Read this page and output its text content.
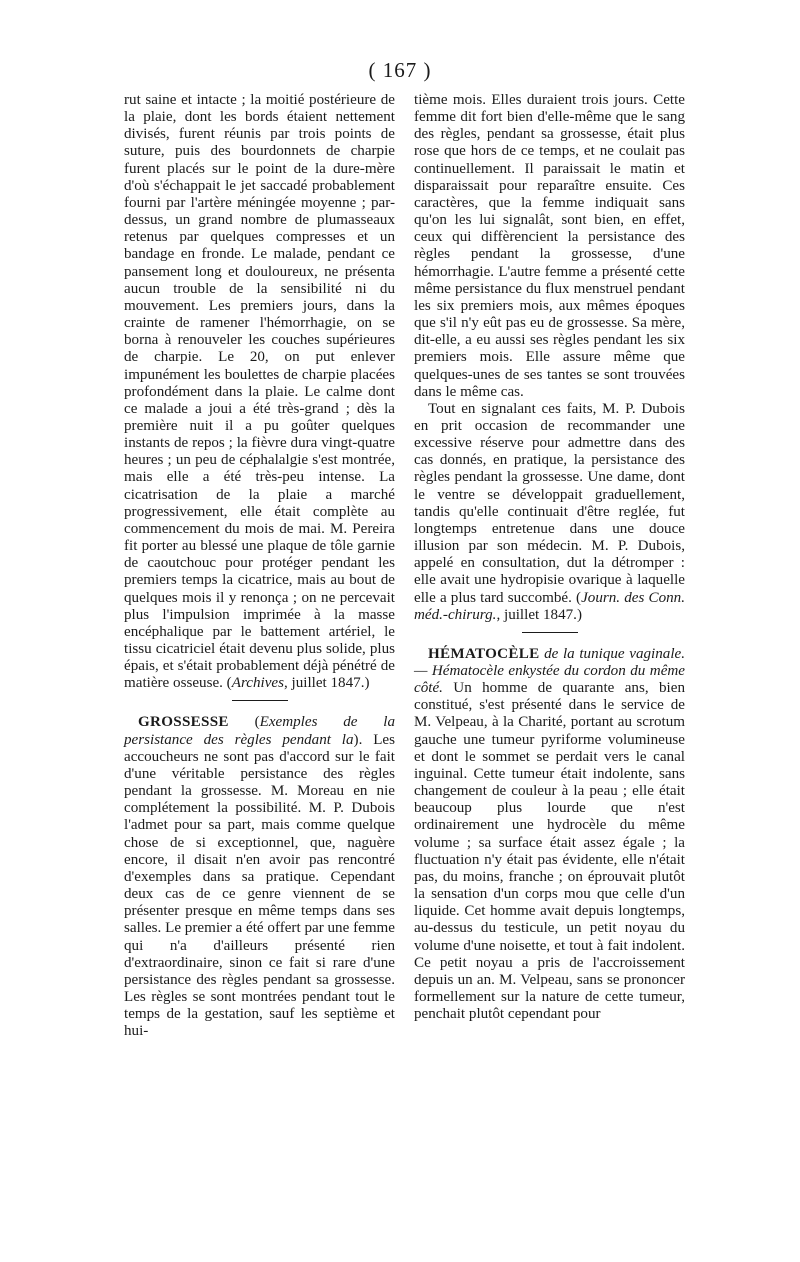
( 167 )

rut saine et intacte ; la moitié postérieure de la plaie, dont les bords étaient nettement divisés, furent réunis par trois points de suture, puis des bourdonnets de charpie furent placés sur le point de la dure-mère d'où s'échappait le jet saccadé probablement fourni par l'artère méningée moyenne ; par-dessus, un grand nombre de plumasseaux retenus par quelques compresses et un bandage en fronde. Le malade, pendant ce pansement long et douloureux, ne présenta aucun trouble de la sensibilité ni du mouvement. Les premiers jours, dans la crainte de ramener l'hémorrhagie, on se borna à renouveler les couches supérieures de charpie. Le 20, on put enlever impunément les boulettes de charpie placées profondément dans la plaie. Le calme dont ce malade a joui a été très-grand ; dès la première nuit il a pu goûter quelques instants de repos ; la fièvre dura vingt-quatre heures ; un peu de céphalalgie s'est montrée, mais elle a été très-peu intense. La cicatrisation de la plaie a marché progressivement, elle était complète au commencement du mois de mai. M. Pereira fit porter au blessé une plaque de tôle garnie de caoutchouc pour protéger pendant les premiers temps la cicatrice, mais au bout de quelques mois il y renonça ; on ne percevait plus l'impulsion imprimée à la masse encéphalique par le battement artériel, le tissu cicatriciel était devenu plus solide, plus épais, et s'était probablement déjà pénétré de matière osseuse. (Archives, juillet 1847.)

GROSSESSE (Exemples de la persistance des règles pendant la). Les accoucheurs ne sont pas d'accord sur le fait d'une véritable persistance des règles pendant la grossesse. M. Moreau en nie complétement la possibilité. M. P. Dubois l'admet pour sa part, mais comme quelque chose de si exceptionnel, que, naguère encore, il disait n'en avoir pas rencontré d'exemples dans sa pratique. Cependant deux cas de ce genre viennent de se présenter presque en même temps dans ses salles. Le premier a été offert par une femme qui n'a d'ailleurs présenté rien d'extraordinaire, sinon ce fait si rare d'une persistance des règles pendant sa grossesse. Les règles se sont montrées pendant tout le temps de la gestation, sauf les septième et hui-

tième mois. Elles duraient trois jours. Cette femme dit fort bien d'elle-même que le sang des règles, pendant sa grossesse, était plus rose que hors de ce temps, et ne coulait pas continuellement. Il paraissait le matin et disparaissait pour reparaître ensuite. Ces caractères, que la femme indiquait sans qu'on les lui signalât, sont bien, en effet, ceux qui diffèrencient la persistance des règles pendant la grossesse, d'une hémorrhagie. L'autre femme a présenté cette même persistance du flux menstruel pendant les six premiers mois, aux mêmes époques que s'il n'y eût pas eu de grossesse. Sa mère, dit-elle, a eu aussi ses règles pendant les six premiers mois. Elle assure même que quelques-unes de ses tantes se sont trouvées dans le même cas.

Tout en signalant ces faits, M. P. Dubois en prit occasion de recommander une excessive réserve pour admettre dans des cas donnés, en pratique, la persistance des règles pendant la grossesse. Une dame, dont le ventre se développait graduellement, tandis qu'elle continuait d'être reglée, fut longtemps entretenue dans une douce illusion par son médecin. M. P. Dubois, appelé en consultation, dut la détromper : elle avait une hydropisie ovarique à laquelle elle a plus tard succombé. (Journ. des Conn. méd.-chirurg., juillet 1847.)

HÉMATOCÈLE de la tunique vaginale. — Hématocèle enkystée du cordon du même côté. Un homme de quarante ans, bien constitué, s'est présenté dans le service de M. Velpeau, à la Charité, portant au scrotum gauche une tumeur pyriforme volumineuse et dont le sommet se perdait vers le canal inguinal. Cette tumeur était indolente, sans changement de couleur à la peau ; elle était beaucoup plus lourde que n'est ordinairement une hydrocèle du même volume ; sa surface était assez égale ; la fluctuation n'y était pas évidente, elle n'était pas, du moins, franche ; on éprouvait plutôt la sensation d'un corps mou que celle d'un liquide. Cet homme avait depuis longtemps, au-dessus du testicule, un petit noyau du volume d'une noisette, et tout à fait indolent. Ce petit noyau a pris de l'accroissement depuis un an. M. Velpeau, sans se prononcer formellement sur la nature de cette tumeur, penchait plutôt cependant pour
